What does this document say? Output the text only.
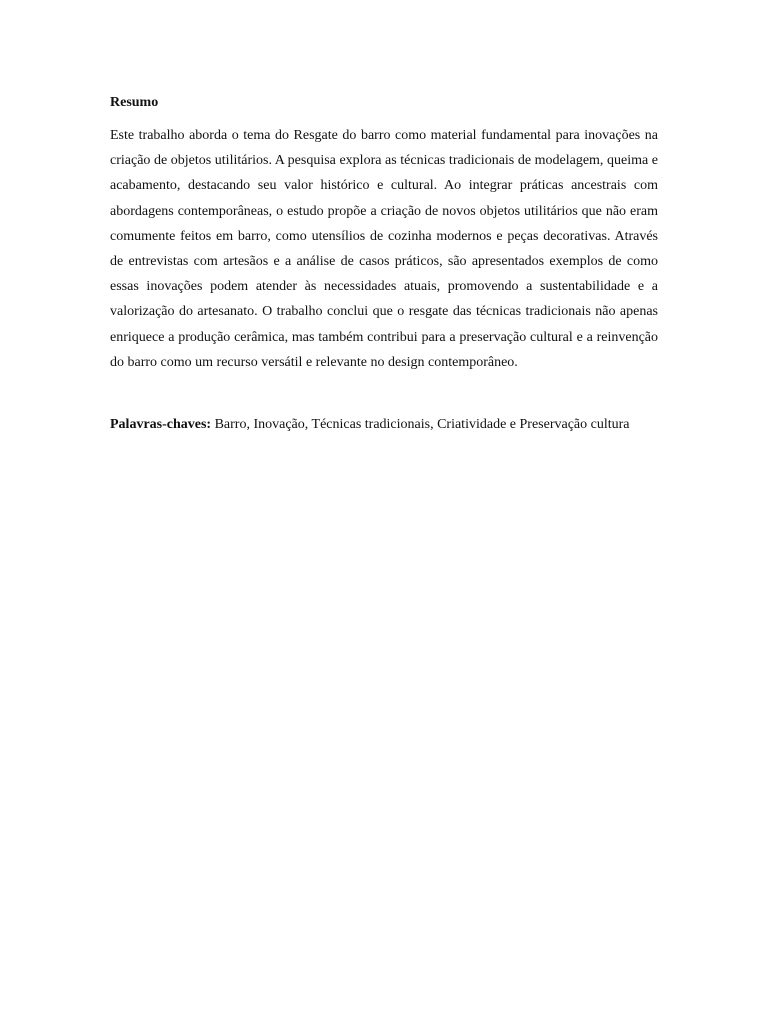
Resumo

Este trabalho aborda o tema do Resgate do barro como material fundamental para inovações na criação de objetos utilitários. A pesquisa explora as técnicas tradicionais de modelagem, queima e acabamento, destacando seu valor histórico e cultural. Ao integrar práticas ancestrais com abordagens contemporâneas, o estudo propõe a criação de novos objetos utilitários que não eram comumente feitos em barro, como utensílios de cozinha modernos e peças decorativas. Através de entrevistas com artesãos e a análise de casos práticos, são apresentados exemplos de como essas inovações podem atender às necessidades atuais, promovendo a sustentabilidade e a valorização do artesanato. O trabalho conclui que o resgate das técnicas tradicionais não apenas enriquece a produção cerâmica, mas também contribui para a preservação cultural e a reinvenção do barro como um recurso versátil e relevante no design contemporâneo.

Palavras-chaves: Barro, Inovação, Técnicas tradicionais, Criatividade e Preservação cultura
